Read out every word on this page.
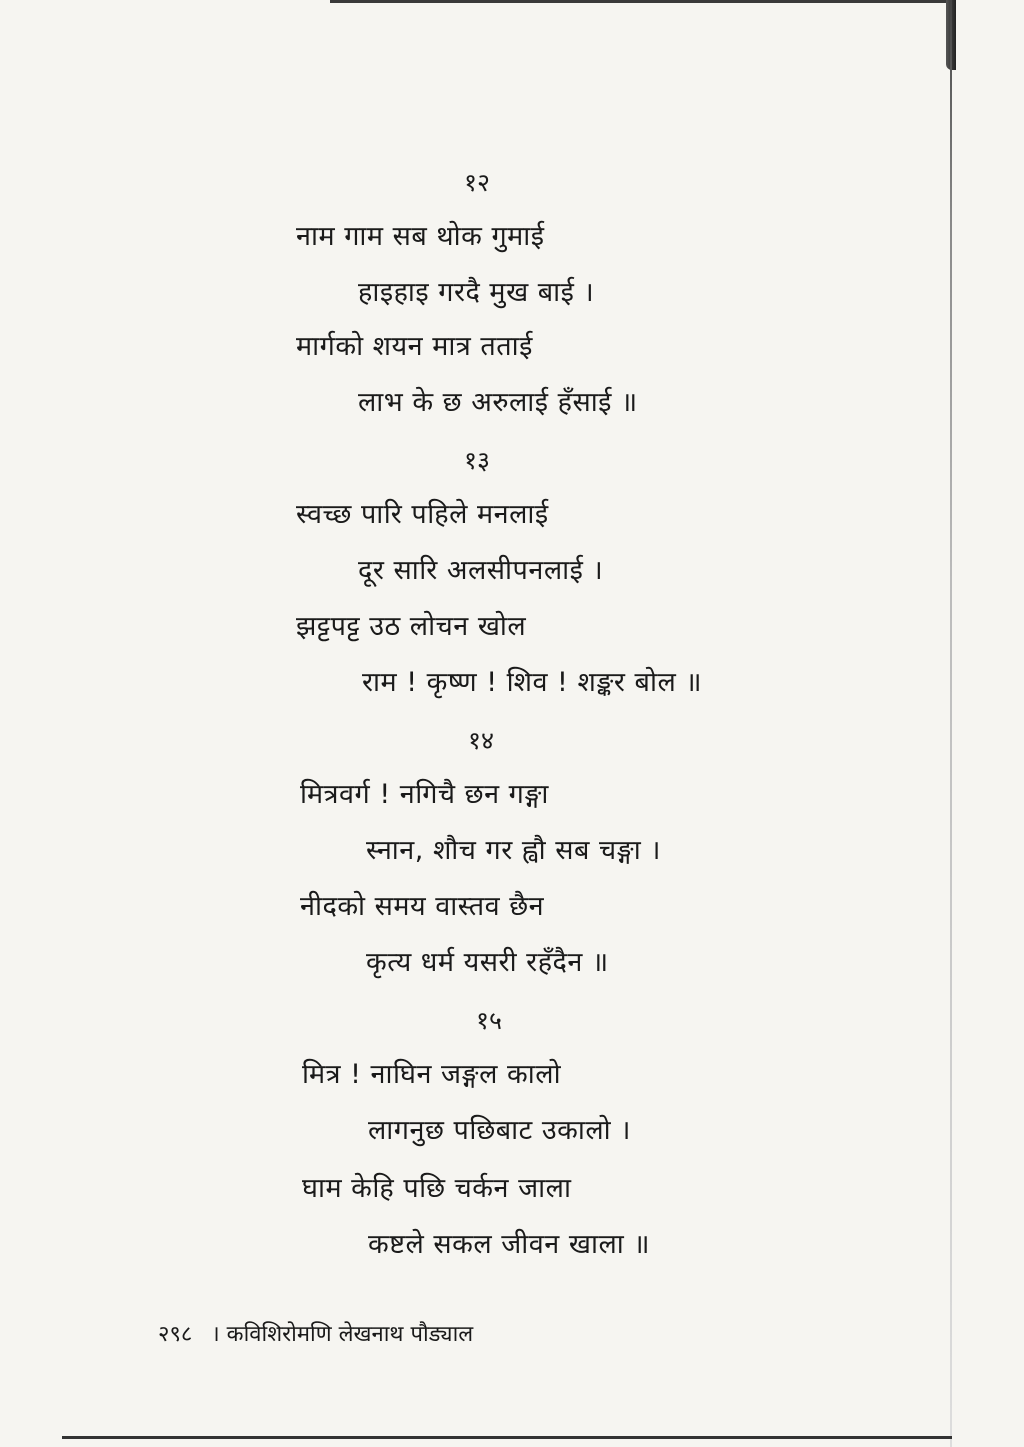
१२
नाम गाम सब थोक गुमाई
हाइहाइ गरदै मुख बाई ।
मार्गको शयन मात्र तताई
लाभ के छ अरुलाई हँसाई ॥
१३
स्वच्छ पारि पहिले मनलाई
दूर सारि अलसीपनलाई ।
झट्टपट्ट उठ लोचन खोल
राम ! कृष्ण ! शिव ! शङ्कर बोल ॥
१४
मित्रवर्ग ! नगिचै छन गङ्गा
स्नान, शौच गर ह्वौ सब चङ्गा ।
नीदको समय वास्तव छैन
कृत्य धर्म यसरी रहँदैन ॥
१५
मित्र ! नाघिन जङ्गल कालो
लागनुछ पछिबाट उकालो ।
घाम केहि पछि चर्कन जाला
कष्टले सकल जीवन खाला ॥
२९८ । कविशिरोमणि लेखनाथ पौड्याल
